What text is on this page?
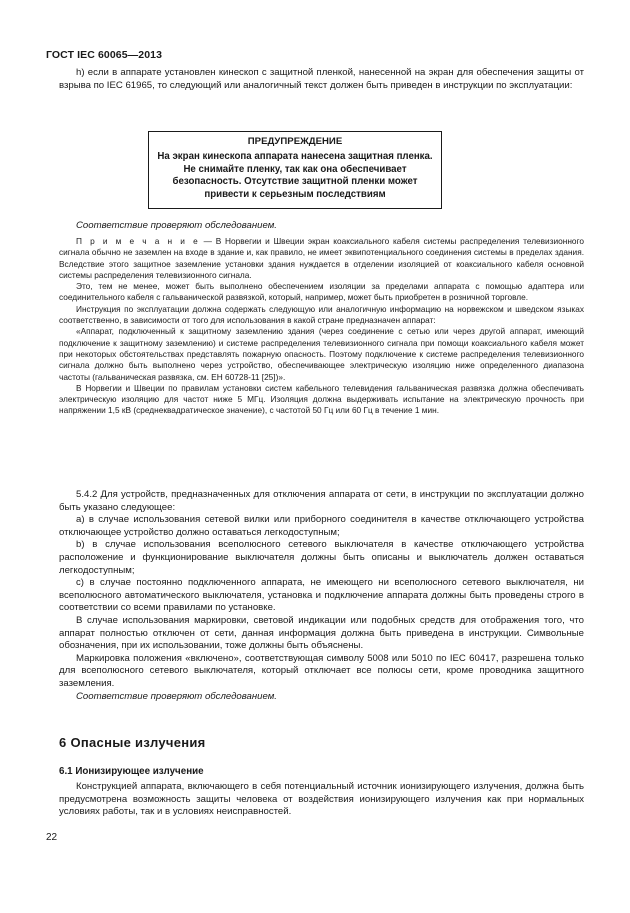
ГОСТ IEC 60065—2013

h) если в аппарате установлен кинескоп с защитной пленкой, нанесенной на экран для обеспечения защиты от взрыва по IEC 61965, то следующий или аналогичный текст должен быть приведен в инструкции по эксплуатации:

ПРЕДУПРЕЖДЕНИЕ

На экран кинескопа аппарата нанесена защитная пленка. Не снимайте пленку, так как она обеспечивает безопасность. Отсутствие защитной пленки может привести к серьезным последствиям

Соответствие проверяют обследованием.

П р и м е ч а н и е — В Норвегии и Швеции экран коаксиального кабеля системы распределения телевизионного сигнала обычно не заземлен на входе в здание и, как правило, не имеет эквипотенциального соединения системы в пределах здания. Вследствие этого защитное заземление установки здания нуждается в отделении изоляцией от коаксиального кабеля основной системы распределения телевизионного сигнала.

Это, тем не менее, может быть выполнено обеспечением изоляции за пределами аппарата с помощью адаптера или соединительного кабеля с гальванической развязкой, который, например, может быть приобретен в розничной торговле.

Инструкция по эксплуатации должна содержать следующую или аналогичную информацию на норвежском и шведском языках соответственно, в зависимости от того для использования в какой стране предназначен аппарат:

«Аппарат, подключенный к защитному заземлению здания (через соединение с сетью или через другой аппарат, имеющий подключение к защитному заземлению) и системе распределения телевизионного сигнала при помощи коаксиального кабеля может при некоторых обстоятельствах представлять пожарную опасность. Поэтому подключение к системе распределения телевизионного сигнала должно быть выполнено через устройство, обеспечивающее электрическую изоляцию ниже определенного диапазона частоты (гальваническая развязка, см. ЕН 60728-11 [25])».

В Норвегии и Швеции по правилам установки систем кабельного телевидения гальваническая развязка должна обеспечивать электрическую изоляцию для частот ниже 5 МГц. Изоляция должна выдерживать испытание на электрическую прочность при напряжении 1,5 кВ (среднеквадратическое значение), с частотой 50 Гц или 60 Гц в течение 1 мин.

5.4.2 Для устройств, предназначенных для отключения аппарата от сети, в инструкции по эксплуатации должно быть указано следующее:

а) в случае использования сетевой вилки или приборного соединителя в качестве отключающего устройства отключающее устройство должно оставаться легкодоступным;

b) в случае использования всеполюсного сетевого выключателя в качестве отключающего устройства расположение и функционирование выключателя должны быть описаны и выключатель должен оставаться легкодоступным;

с) в случае постоянно подключенного аппарата, не имеющего ни всеполюсного сетевого выключателя, ни всеполюсного автоматического выключателя, установка и подключение аппарата должны быть проведены строго в соответствии со всеми правилами по установке.

В случае использования маркировки, световой индикации или подобных средств для отображения того, что аппарат полностью отключен от сети, данная информация должна быть приведена в инструкции. Символьные обозначения, при их использовании, тоже должны быть объяснены.

Маркировка положения «включено», соответствующая символу 5008 или 5010 по IEC 60417, разрешена только для всеполюсного сетевого выключателя, который отключает все полюсы сети, кроме проводника защитного заземления.

Соответствие проверяют обследованием.

6 Опасные излучения
6.1 Ионизирующее излучение

Конструкцией аппарата, включающего в себя потенциальный источник ионизирующего излучения, должна быть предусмотрена возможность защиты человека от воздействия ионизирующего излучения как при нормальных условиях работы, так и в условиях неисправностей.

22
